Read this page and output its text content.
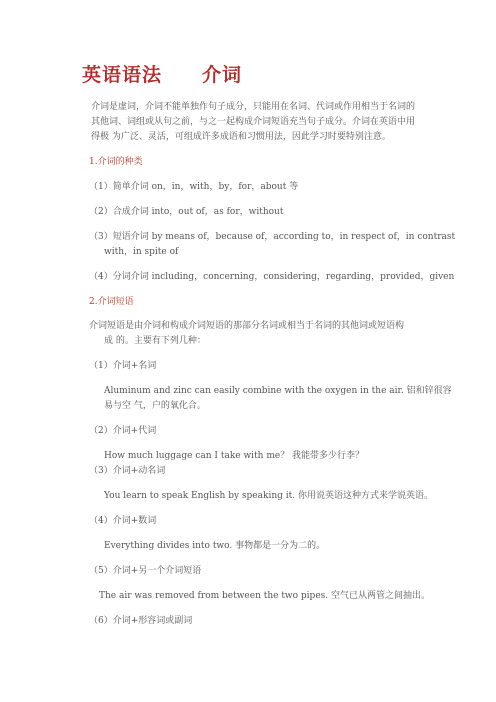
英语语法　　介词
介词是虚词，介词不能单独作句子成分，只能用在名词、代词或作用相当于名词的
其他词、词组或从句之前，与之一起构成介词短语充当句子成分。介词在英语中用
得极 为广泛、灵活，可组成许多成语和习惯用法，因此学习时要特别注意。
1.介词的种类
（1）简单介词 on，in，with，by，for，about 等
（2）合成介词 into，out of，as for，without
（3）短语介词 by means of，because of，according to，in respect of，in contrast
with，in spite of
（4）分词介词 including，concerning，considering，regarding，provided，given
2.介词短语
介词短语是由介词和构成介词短语的那部分名词或相当于名词的其他词或短语构
成 的。主要有下列几种：
（1）介词+名词
Aluminum and zinc can easily combine with the oxygen in the air. 铝和锌很容
易与空 气，户的氧化合。
（2）介词+代词
How much luggage can I take with me？ 我能带多少行李？
（3）介词+动名词
You learn to speak English by speaking it. 你用说英语这种方式来学说英语。
（4）介词+数词
Everything divides into two. 事物都是一分为二的。
（5）介词+另一个介词短语
The air was removed from between the two pipes. 空气已从两管之间抽出。
（6）介词+形容词或副词
